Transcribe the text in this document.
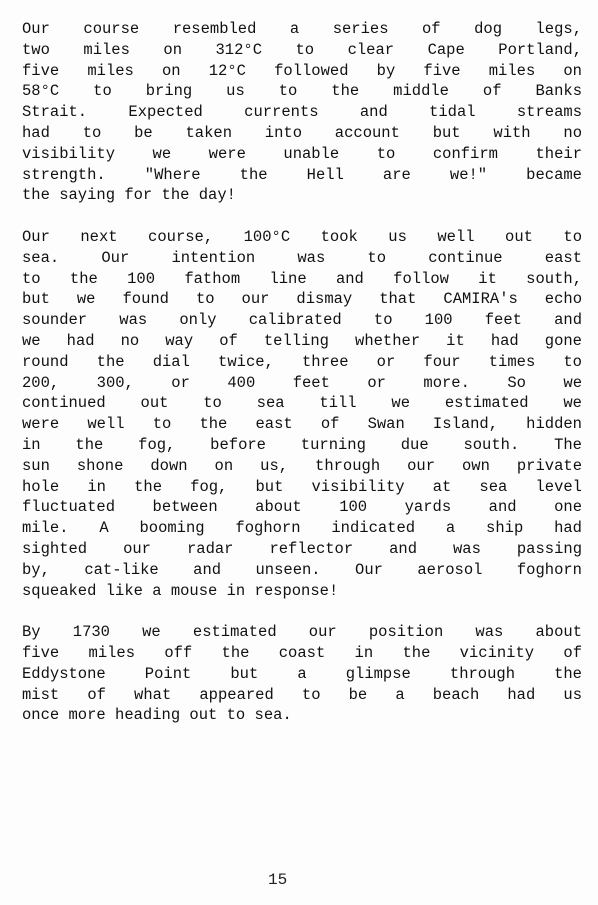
Our course resembled a series of dog legs,
two miles on 312°C to clear Cape Portland,
five miles on 12°C followed by five miles on
58°C to bring us to the middle of Banks
Strait. Expected currents and tidal streams
had to be taken into account but with no
visibility we were unable to confirm their
strength. "Where the Hell are we!" became
the saying for the day!
Our next course, 100°C took us well out to
sea. Our intention was to continue east
to the 100 fathom line and follow it south,
but we found to our dismay that CAMIRA's echo
sounder was only calibrated to 100 feet and
we had no way of telling whether it had gone
round the dial twice, three or four times to
200, 300, or 400 feet or more. So we
continued out to sea till we estimated we
were well to the east of Swan Island, hidden
in the fog, before turning due south. The
sun shone down on us, through our own private
hole in the fog, but visibility at sea level
fluctuated between about 100 yards and one
mile. A booming foghorn indicated a ship had
sighted our radar reflector and was passing
by, cat-like and unseen. Our aerosol foghorn
squeaked like a mouse in response!
By 1730 we estimated our position was about
five miles off the coast in the vicinity of
Eddystone Point but a glimpse through the
mist of what appeared to be a beach had us
once more heading out to sea.
15
